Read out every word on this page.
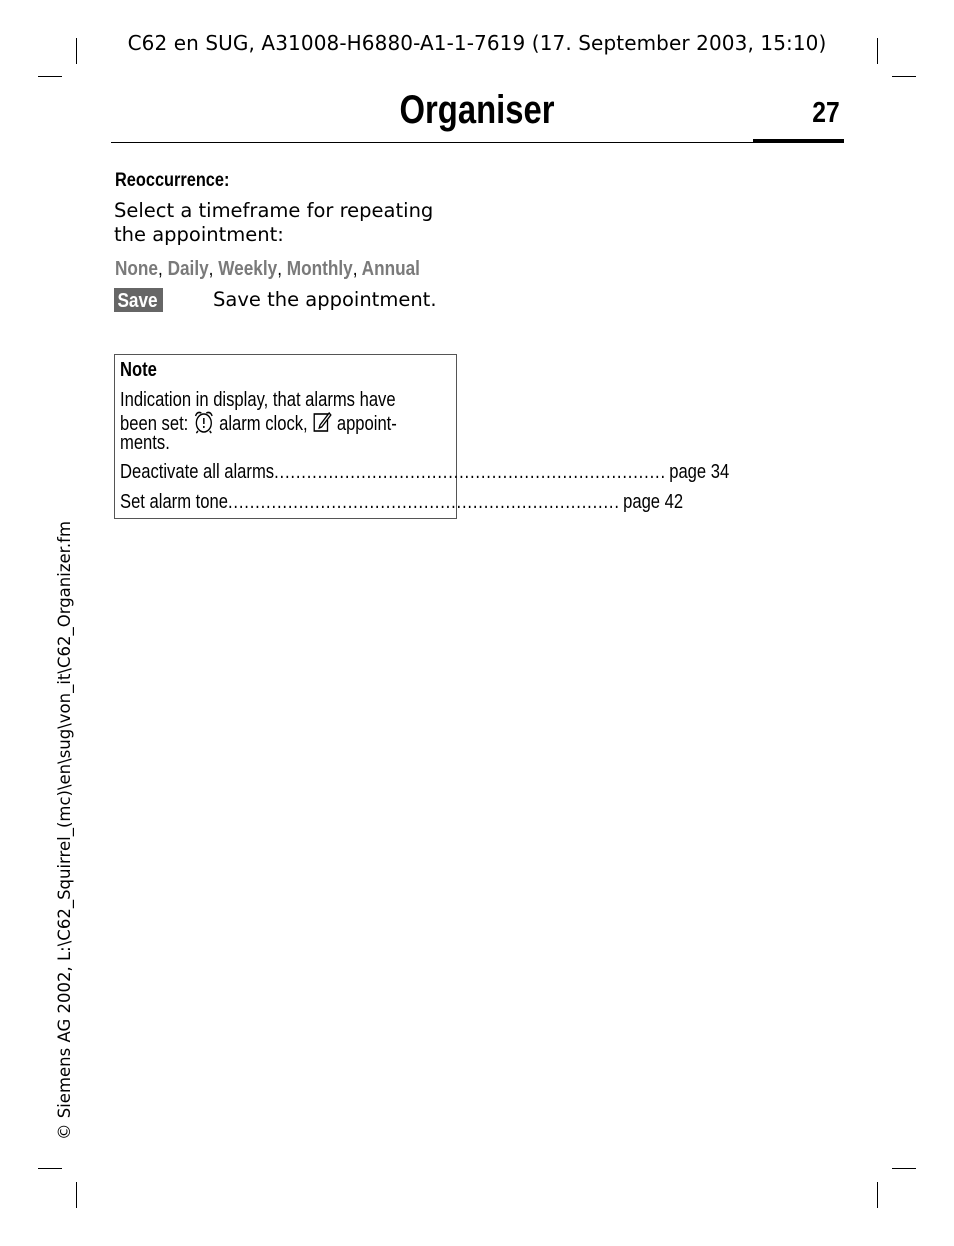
C62 en SUG, A31008-H6880-A1-1-7619 (17. September 2003, 15:10)
Organiser	27
Reoccurrence:
Select a timeframe for repeating the appointment:
None, Daily, Weekly, Monthly, Annual
Save	Save the appointment.
Note
Indication in display, that alarms have
been set: alarm clock, appoint-
ments.
Deactivate all alarms ........................................................................ page 34
Set alarm tone ........................................................................ page 42
© Siemens AG 2002, L:\C62_Squirrel_(mc)\en\sug\von_it\C62_Organizer.fm
